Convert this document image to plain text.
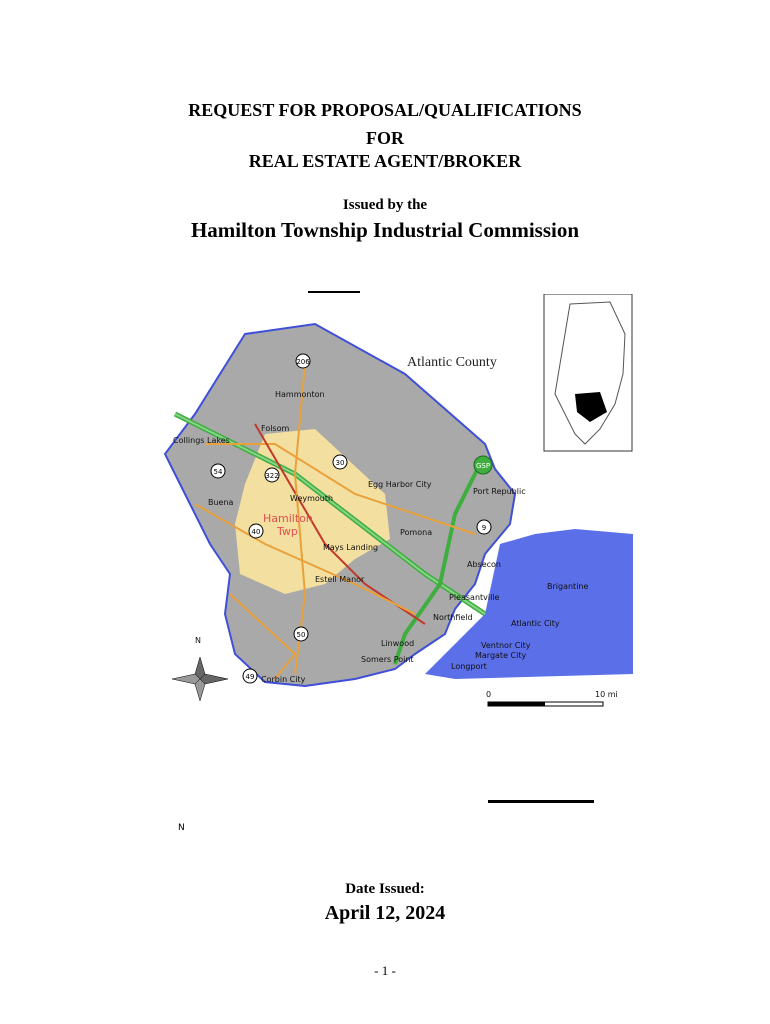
REQUEST FOR PROPOSAL/QUALIFICATIONS
FOR
REAL ESTATE AGENT/BROKER
Issued by the
Hamilton Township Industrial Commission
Atlantic County
Hamilton
Twp
Hammonton
Folsom
Collings Lakes
Buena	Weymouth
Egg Harbor City
Port Republic
Mays Landing
Pomona
Estell Manor
Absecon
Brigantine
Pleasantville
Northfield
Atlantic City
Linwood	Ventnor City
Somers Point	Margate City
Longport
Corbin City
206
30
322
54
40	9
50
49
GSP
N
0	10 mi
N
Date Issued:
April 12, 2024
- 1 -
